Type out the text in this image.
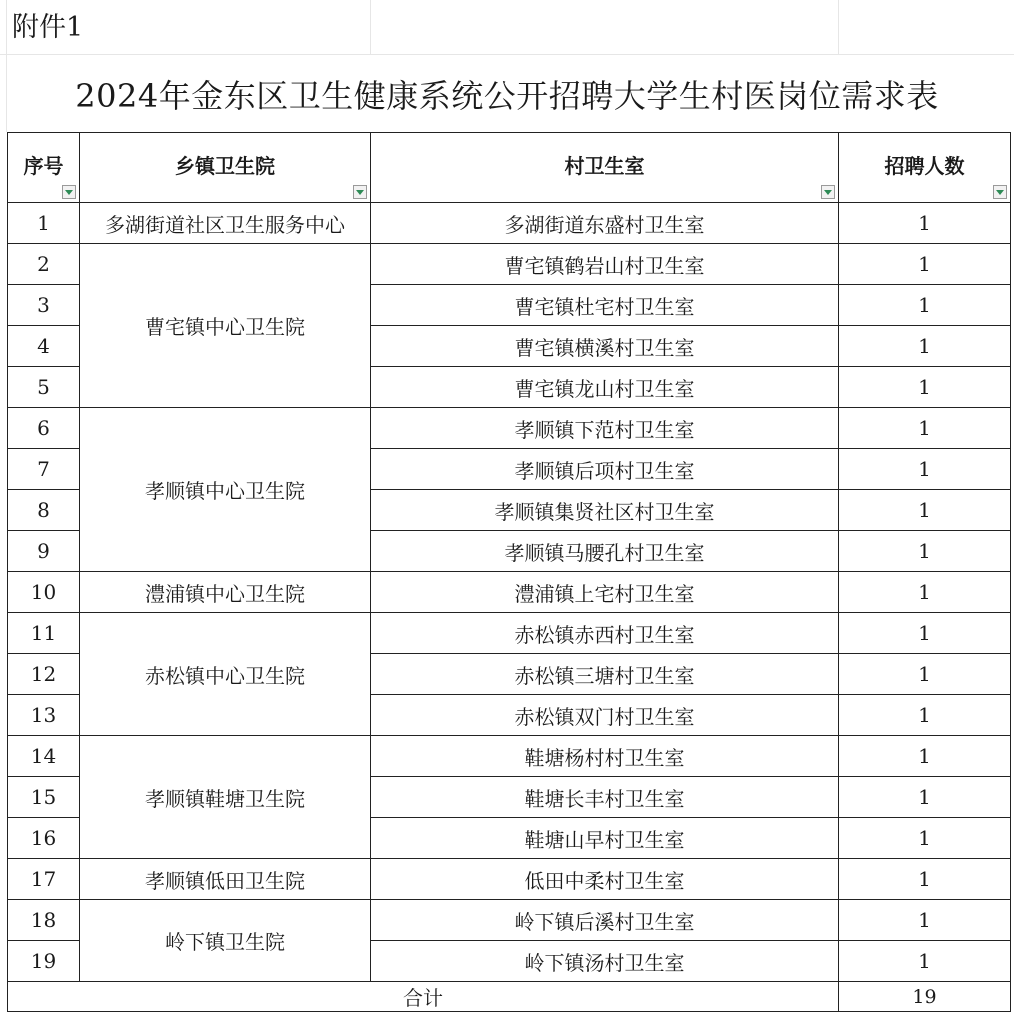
附件1
2024年金东区卫生健康系统公开招聘大学生村医岗位需求表
序号	乡镇卫生院	村卫生室	招聘人数

1	多湖街道社区卫生服务中心	多湖街道东盛村卫生室	1
2	曹宅镇中心卫生院	曹宅镇鹤岩山村卫生室	1
3		曹宅镇杜宅村卫生室	1
4		曹宅镇横溪村卫生室	1
5		曹宅镇龙山村卫生室	1
6	孝顺镇中心卫生院	孝顺镇下范村卫生室	1
7		孝顺镇后项村卫生室	1
8		孝顺镇集贤社区村卫生室	1
9		孝顺镇马腰孔村卫生室	1
10	澧浦镇中心卫生院	澧浦镇上宅村卫生室	1
11	赤松镇中心卫生院	赤松镇赤西村卫生室	1
12		赤松镇三塘村卫生室	1
13		赤松镇双门村卫生室	1
14	孝顺镇鞋塘卫生院	鞋塘杨村村卫生室	1
15		鞋塘长丰村卫生室	1
16		鞋塘山早村卫生室	1
17	孝顺镇低田卫生院	低田中柔村卫生室	1
18	岭下镇卫生院	岭下镇后溪村卫生室	1
19		岭下镇汤村卫生室	1
合计			19
